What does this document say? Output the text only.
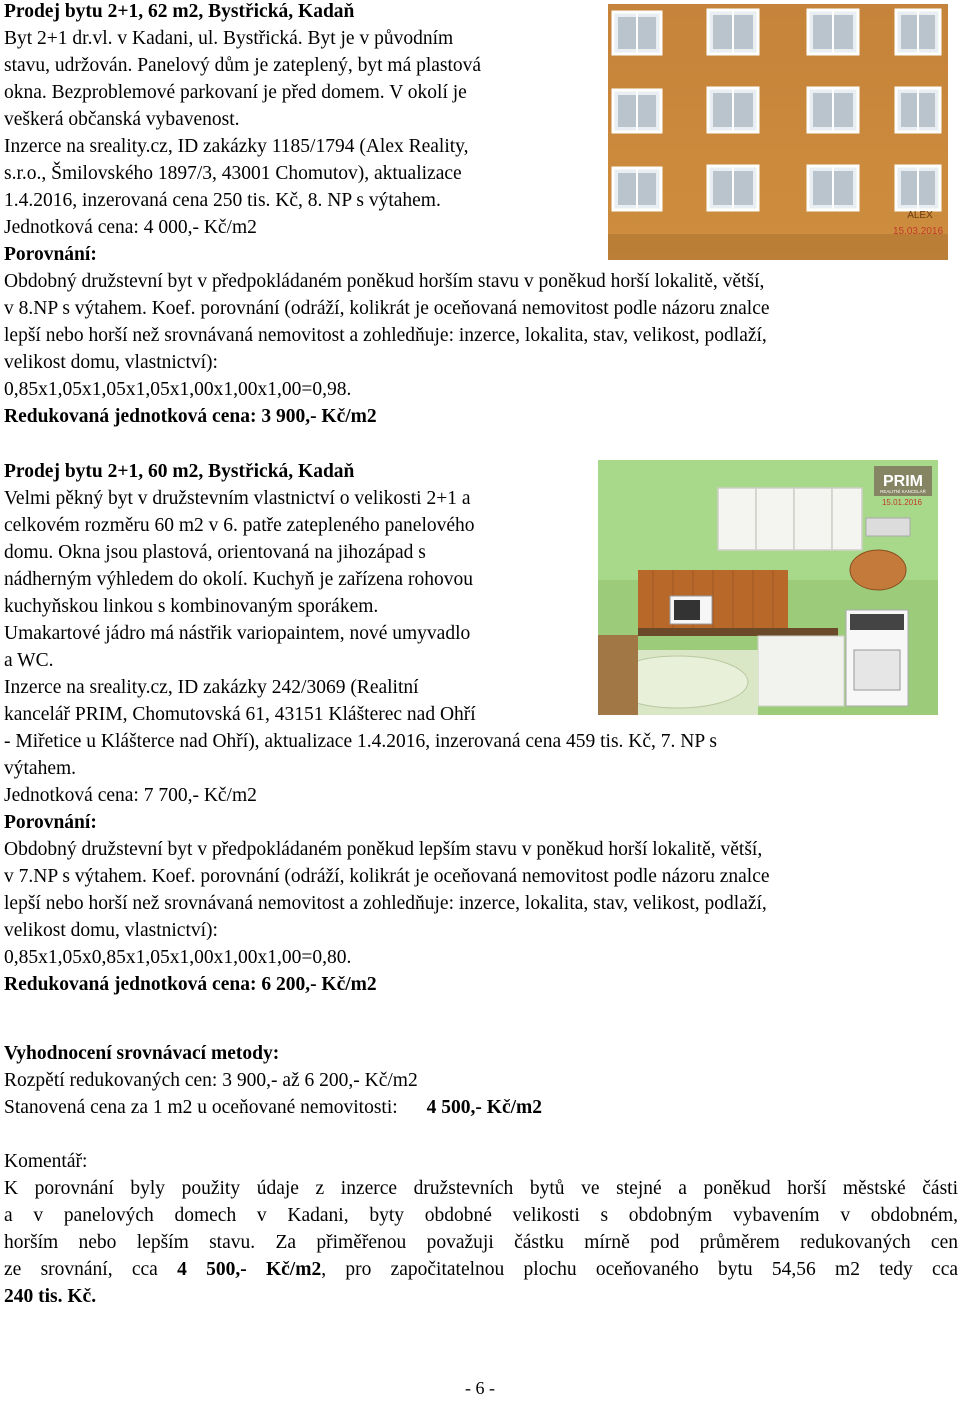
Prodej bytu 2+1, 62 m2, Bystřická, Kadaň
Byt 2+1 dr.vl. v Kadani, ul. Bystřická. Byt je v původním
stavu, udržován. Panelový dům je zateplený, byt má plastová
okna. Bezproblemové parkovaní je před domem. V okolí je
veškerá občanská vybavenost.
Inzerce na sreality.cz, ID zakázky 1185/1794 (Alex Reality,
s.r.o., Šmilovského 1897/3, 43001 Chomutov), aktualizace
1.4.2016, inzerovaná cena 250 tis. Kč, 8. NP s výtahem.
Jednotková cena: 4 000,- Kč/m2
Porovnání:
Obdobný družstevní byt v předpokládaném poněkud horším stavu v poněkud horší lokalitě, větší,
v 8.NP s výtahem. Koef. porovnání (odráží, kolikrát je oceňovaná nemovitost podle názoru znalce
lepší nebo horší než srovnávaná nemovitost a zohledňuje: inzerce, lokalita, stav, velikost, podlaží,
velikost domu, vlastnictví):
0,85x1,05x1,05x1,05x1,00x1,00x1,00=0,98.
Redukovaná jednotková cena: 3 900,- Kč/m2
ALEX
15.03.2016
Prodej bytu 2+1, 60 m2, Bystřická, Kadaň
Velmi pěkný byt v družstevním vlastnictví o velikosti 2+1 a
celkovém rozměru 60 m2 v 6. patře zatepleného panelového
domu. Okna jsou plastová, orientovaná na jihozápad s
nádherným výhledem do okolí. Kuchyň je zařízena rohovou
kuchyňskou linkou s kombinovaným sporákem.
Umakartové jádro má nástřik variopaintem, nové umyvadlo
a WC.
Inzerce na sreality.cz, ID zakázky 242/3069 (Realitní
kancelář PRIM, Chomutovská 61, 43151 Klášterec nad Ohří
- Miřetice u Klášterce nad Ohří), aktualizace 1.4.2016, inzerovaná cena 459 tis. Kč, 7. NP s
výtahem.
Jednotková cena: 7 700,- Kč/m2
Porovnání:
Obdobný družstevní byt v předpokládaném poněkud lepším stavu v poněkud horší lokalitě, větší,
v 7.NP s výtahem. Koef. porovnání (odráží, kolikrát je oceňovaná nemovitost podle názoru znalce
lepší nebo horší než srovnávaná nemovitost a zohledňuje: inzerce, lokalita, stav, velikost, podlaží,
velikost domu, vlastnictví):
0,85x1,05x0,85x1,05x1,00x1,00x1,00=0,80.
Redukovaná jednotková cena: 6 200,- Kč/m2
PRIM
REALITNÍ KANCELÁŘ
15.01.2016
Vyhodnocení srovnávací metody:
Rozpětí redukovaných cen: 3 900,- až 6 200,- Kč/m2
Stanovená cena za 1 m2 u oceňované nemovitosti: 4 500,- Kč/m2
Komentář:
K porovnání byly použity údaje z inzerce družstevních bytů ve stejné a poněkud horší městské části
a v panelových domech v Kadani, byty obdobné velikosti s obdobným vybavením v obdobném,
horším nebo lepším stavu. Za přiměřenou považuji částku mírně pod průměrem redukovaných cen
ze srovnání, cca 4 500,- Kč/m2, pro započitatelnou plochu oceňovaného bytu 54,56 m2 tedy cca
240 tis. Kč.
- 6 -
